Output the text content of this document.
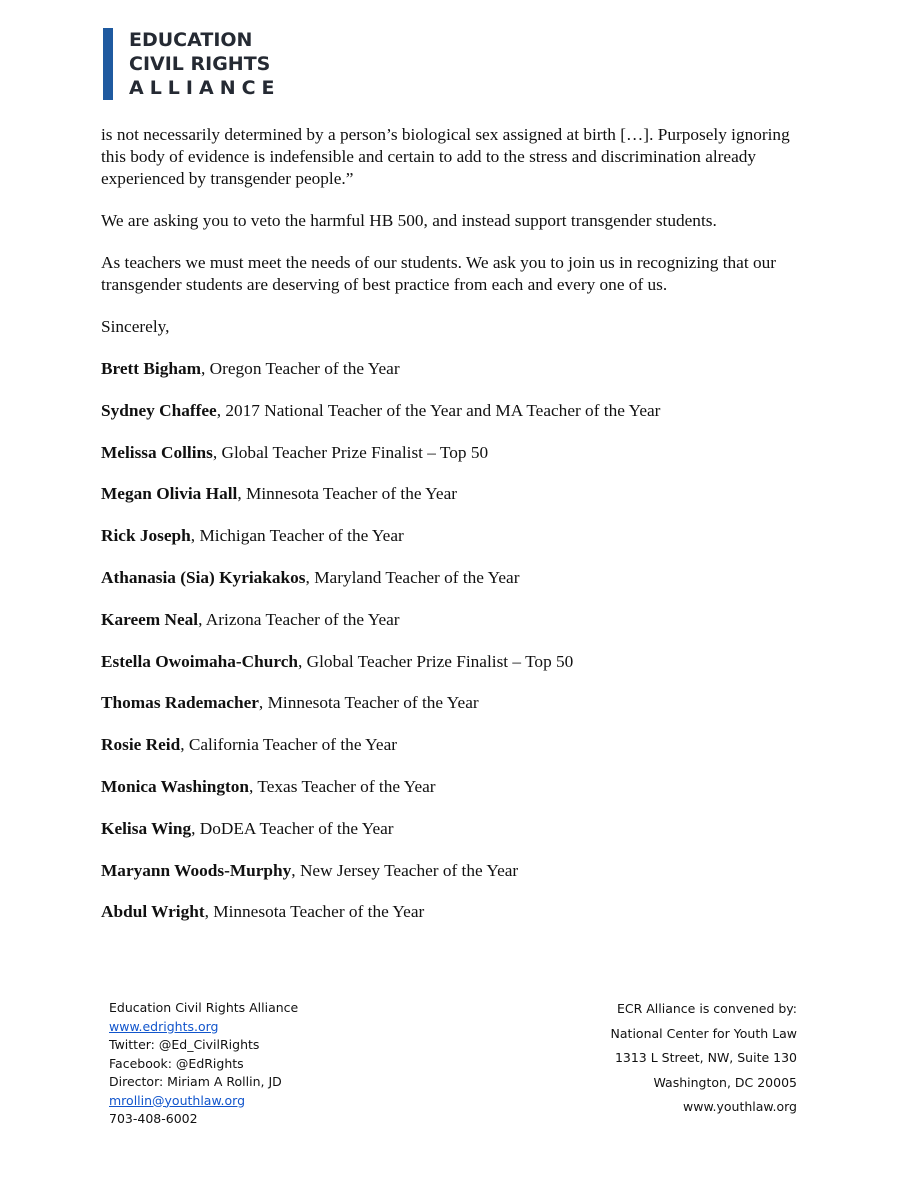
EDUCATION
CIVIL RIGHTS
ALLIANCE

is not necessarily determined by a person’s biological sex assigned at birth […]. Purposely ignoring this body of evidence is indefensible and certain to add to the stress and discrimination already experienced by transgender people.”

We are asking you to veto the harmful HB 500, and instead support transgender students.

As teachers we must meet the needs of our students. We ask you to join us in recognizing that our transgender students are deserving of best practice from each and every one of us.

Sincerely,

Brett Bigham, Oregon Teacher of the Year
Sydney Chaffee, 2017 National Teacher of the Year and MA Teacher of the Year
Melissa Collins, Global Teacher Prize Finalist – Top 50
Megan Olivia Hall, Minnesota Teacher of the Year
Rick Joseph, Michigan Teacher of the Year
Athanasia (Sia) Kyriakakos, Maryland Teacher of the Year
Kareem Neal, Arizona Teacher of the Year
Estella Owoimaha-Church, Global Teacher Prize Finalist – Top 50
Thomas Rademacher, Minnesota Teacher of the Year
Rosie Reid, California Teacher of the Year
Monica Washington, Texas Teacher of the Year
Kelisa Wing, DoDEA Teacher of the Year
Maryann Woods-Murphy, New Jersey Teacher of the Year
Abdul Wright, Minnesota Teacher of the Year
Education Civil Rights Alliance
www.edrights.org
Twitter: @Ed_CivilRights
Facebook: @EdRights
Director: Miriam A Rollin, JD
mrollin@youthlaw.org
703-408-6002
ECR Alliance is convened by:
National Center for Youth Law
1313 L Street, NW, Suite 130
Washington, DC 20005
www.youthlaw.org
